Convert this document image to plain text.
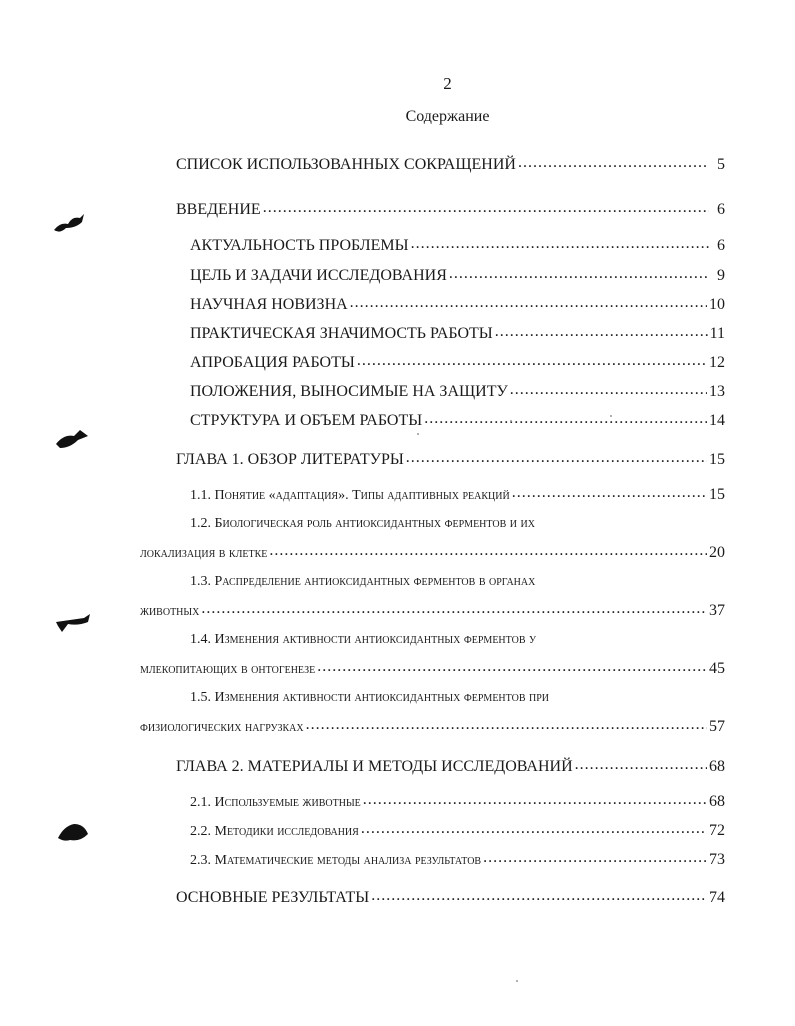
2
Содержание
СПИСОК ИСПОЛЬЗОВАННЫХ СОКРАЩЕНИЙ .....	5
ВВЕДЕНИЕ .....	6
АКТУАЛЬНОСТЬ ПРОБЛЕМЫ .....	6
ЦЕЛЬ И ЗАДАЧИ ИССЛЕДОВАНИЯ .....	9
НАУЧНАЯ НОВИЗНА .....	10
ПРАКТИЧЕСКАЯ ЗНАЧИМОСТЬ РАБОТЫ .....	11
АПРОБАЦИЯ РАБОТЫ .....	12
ПОЛОЖЕНИЯ, ВЫНОСИМЫЕ НА ЗАЩИТУ .....	13
СТРУКТУРА И ОБЪЕМ РАБОТЫ .....	14
ГЛАВА 1. ОБЗОР ЛИТЕРАТУРЫ .....	15
1.1. Понятие «адаптация». Типы адаптивных реакций .....	15
1.2. Биологическая роль антиоксидантных ферментов и их
локализация в клетке .....	20
1.3. Распределение антиоксидантных ферментов в органах
животных .....	37
1.4. Изменения активности антиоксидантных ферментов у
млекопитающих в онтогенезе .....	45
1.5. Изменения активности антиоксидантных ферментов при
физиологических нагрузках .....	57
ГЛАВА 2. МАТЕРИАЛЫ И МЕТОДЫ ИССЛЕДОВАНИЙ .....	68
2.1. Используемые животные .....	68
2.2. Методики исследования .....	72
2.3. Математические методы анализа результатов .....	73
ОСНОВНЫЕ РЕЗУЛЬТАТЫ .....	74
